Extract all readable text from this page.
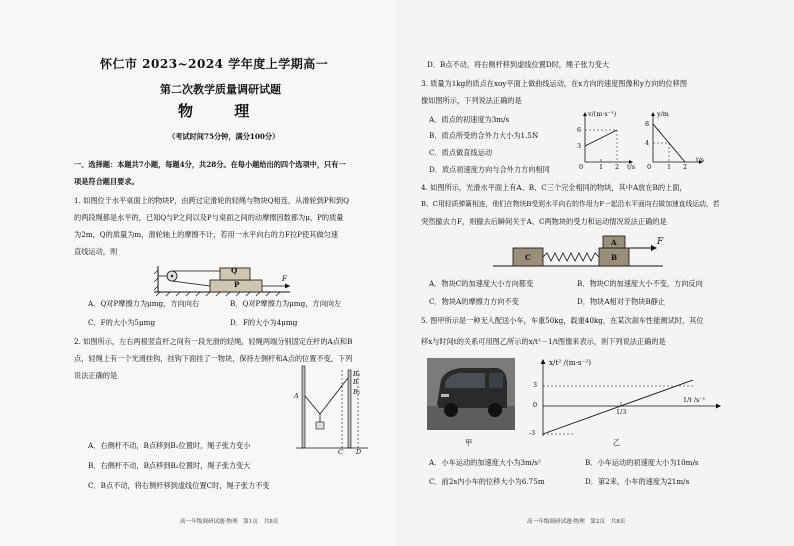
怀仁市 2023~2024 学年度上学期高一
第二次教学质量调研试题
物 理
（考试时间75分钟，满分100分）
一、选择题：本题共7小题，每题4分，共28分。在每小题给出的四个选项中，只有一
项是符合题目要求。
1. 如图位于水平桌面上的物块P，由跨过定滑轮的轻绳与物块Q相连，从滑轮到P和到Q
的两段绳都是水平的，已知Q与P之间以及P与桌面之间的动摩擦因数都为μ，P的质量
为2m，Q的质量为m，滑轮轴上的摩擦不计，若用一水平向右的力F拉P使其做匀速
直线运动，则
Q
P
F
A．Q对P摩擦力为μmg，方向向右	B．Q对P摩擦力为μmg，方向向左
C．F的大小为5μmg	D．F的大小为4μmg
2. 如图所示，左右两根竖直杆之间有一段光滑的轻绳，轻绳两端分别固定在杆的A点和B
点，轻绳上有一个光滑挂钩，挂钩下面挂了一物块，保持左侧杆和A点的位置不变，下列
说法正确的是
A
B₁
B
B₂
C D
A．右侧杆不动，B点移到B₁位置时，绳子张力变小
B．右侧杆不动，B点移到B₂位置时，绳子张力变大
C．B点不动，将右侧杆移到虚线位置C时，绳子张力不变
高一年级调研试题·物理　第1页　共8页
D．B点不动，将右侧杆移到虚线位置D时，绳子张力变大
3. 质量为1kg的质点在xoy平面上做曲线运动，在x方向的速度图像和y方向的位移图
像如图所示，下列说法正确的是
A．质点的初速度为3m/s
B．质点所受的合外力大小为1.5N
C．质点做直线运动
D．质点初速度方向与合外力方向相同
v/(m·s⁻¹)
6
3
0 1 2 t/s
y/m
8
4
0 1 2
t/s
4. 如图所示，光滑水平面上有A、B、C三个完全相同的物块，其中A放在B的上面，
B、C用轻质弹簧相连，他们在物块B受到水平向右的作用力F一起沿水平面向右做加速直线运动，若
突然撤去力F，则撤去后瞬间关于A、C两物块的受力和运动情况说法正确的是
C	B
A	F
A．物块C的加速度大小方向都变	B．物块C的加速度大小不变，方向反向
C．物块A的摩擦力方向不变	D．物块A相对于物块B静止
5. 图甲所示是一种无人配送小车，车重50kg，载重40kg，在某次刹车性能测试时，其位
移x与时间t的关系可用图乙所示的x/t²－1/t图像来表示，则下列说法正确的是
甲
x/t² /(m·s⁻²)
3
0
-3
1/3
1/t /s⁻¹
乙
A．小车运动的加速度大小为3m/s²	B．小车运动的初速度大小为10m/s
C．前2s内小车的位移大小为6.75m	D．第2来，小车的速度为21m/s
高一年级调研试题·物理　第2页　共8页
